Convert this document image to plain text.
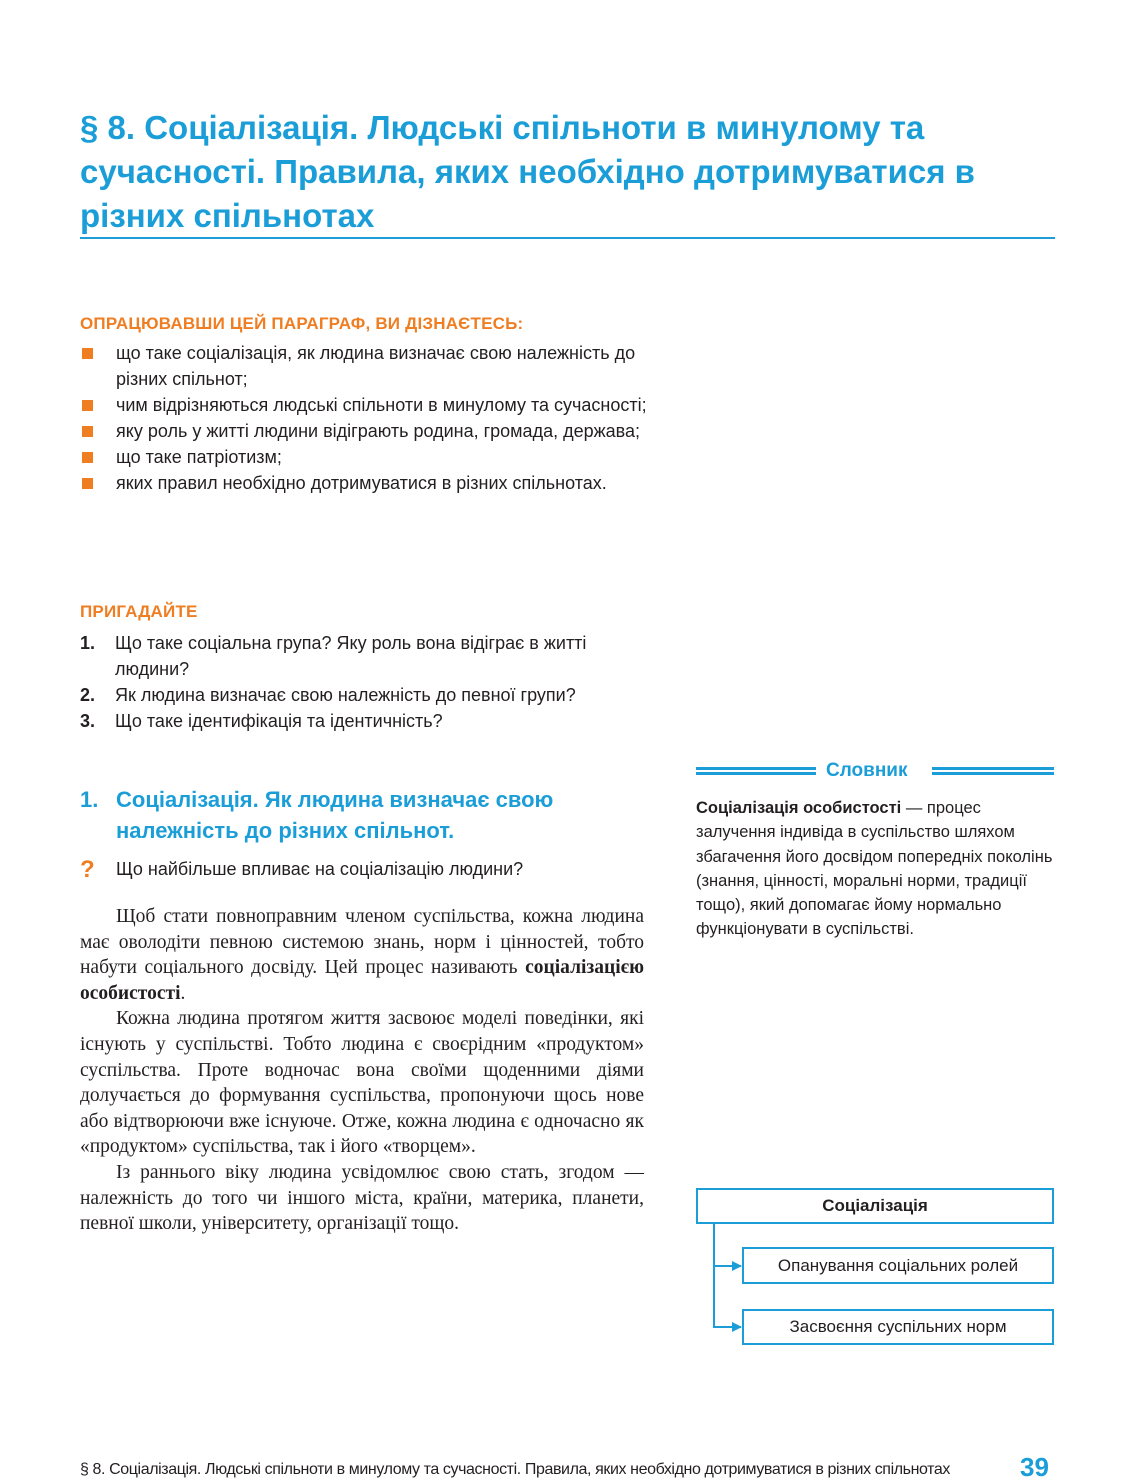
§ 8. Соціалізація. Людські спільноти в минулому та сучасності. Правила, яких необхідно дотримуватися в різних спільнотах
ОПРАЦЮВАВШИ ЦЕЙ ПАРАГРАФ, ВИ ДІЗНАЄТЕСЬ:
що таке соціалізація, як людина визначає свою належність до різних спільнот;
чим відрізняються людські спільноти в минулому та сучасності;
яку роль у житті людини відіграють родина, громада, держава;
що таке патріотизм;
яких правил необхідно дотримуватися в різних спільнотах.
ПРИГАДАЙТЕ
1. Що таке соціальна група? Яку роль вона відіграє в житті людини?
2. Як людина визначає свою належність до певної групи?
3. Що таке ідентифікація та ідентичність?
1. Соціалізація. Як людина визначає свою належність до різних спільнот.
? Що найбільше впливає на соціалізацію людини?

Щоб стати повноправним членом суспільства, кожна людина має оволодіти певною системою знань, норм і цінностей, тобто набути соціального досвіду. Цей процес називають соціалізацією особистості.

Кожна людина протягом життя засвоює моделі поведінки, які існують у суспільстві. Тобто людина є своєрідним «продуктом» суспільства. Проте водночас вона своїми щоденними діями долучається до формування суспільства, пропонуючи щось нове або відтворюючи вже існуюче. Отже, кожна людина є одночасно як «продуктом» суспільства, так і його «творцем».

Із раннього віку людина усвідомлює свою стать, згодом — належність до того чи іншого міста, країни, материка, планети, певної школи, університету, організації тощо.

Словник
Соціалізація особистості — процес залучення індивіда в суспільство шляхом збагачення його досвідом попередніх поколінь (знання, цінності, моральні норми, традиції тощо), який допомагає йому нормально функціонувати в суспільстві.
Соціалізація
Опанування соціальних ролей
Засвоєння суспільних норм
§ 8. Соціалізація. Людські спільноти в минулому та сучасності. Правила, яких необхідно дотримуватися в різних спільнотах	39
